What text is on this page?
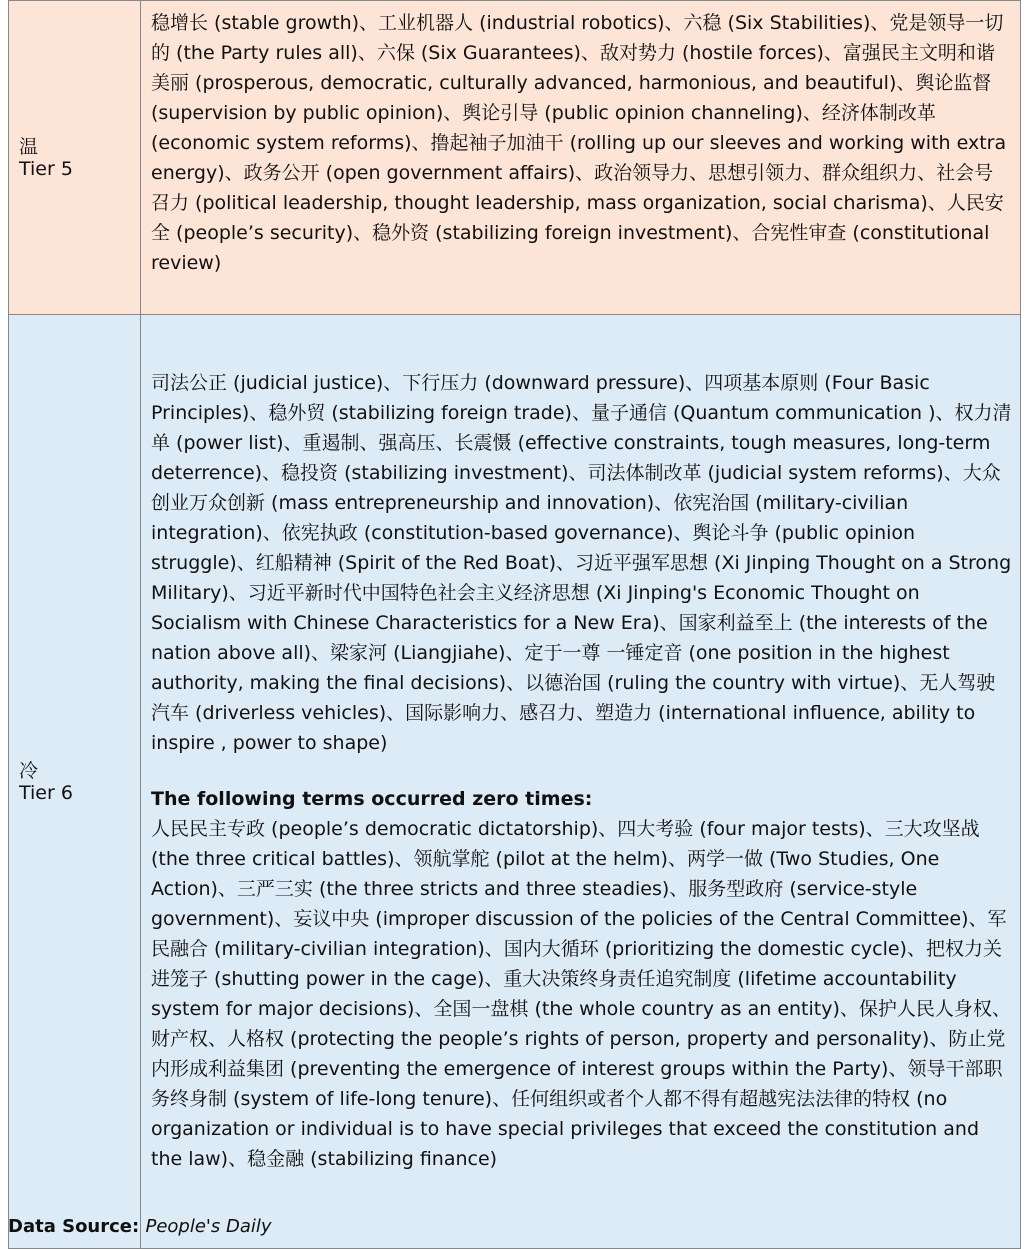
温
Tier 5	稳增长 (stable growth)、工业机器人 (industrial robotics)、六稳 (Six Stabilities)、党是领导一切的 (the Party rules all)、六保 (Six Guarantees)、敌对势力 (hostile forces)、富强民主文明和谐美丽 (prosperous, democratic, culturally advanced, harmonious, and beautiful)、舆论监督 (supervision by public opinion)、舆论引导 (public opinion channeling)、经济体制改革 (economic system reforms)、撸起袖子加油干 (rolling up our sleeves and working with extra energy)、政务公开 (open government affairs)、政治领导力、思想引领力、群众组织力、社会号召力 (political leadership, thought leadership, mass organization, social charisma)、人民安全 (people’s security)、稳外资 (stabilizing foreign investment)、合宪性审查 (constitutional review)

冷
Tier 6	司法公正 (judicial justice)、下行压力 (downward pressure)、四项基本原则 (Four Basic Principles)、稳外贸 (stabilizing foreign trade)、量子通信 (Quantum communication )、权力清单 (power list)、重遏制、强高压、长震慑 (effective constraints, tough measures, long-term deterrence)、稳投资 (stabilizing investment)、司法体制改革 (judicial system reforms)、大众创业万众创新 (mass entrepreneurship and innovation)、依宪治国 (military-civilian integration)、依宪执政 (constitution-based governance)、舆论斗争 (public opinion struggle)、红船精神 (Spirit of the Red Boat)、习近平强军思想 (Xi Jinping Thought on a Strong Military)、习近平新时代中国特色社会主义经济思想 (Xi Jinping's Economic Thought on Socialism with Chinese Characteristics for a New Era)、国家利益至上 (the interests of the nation above all)、梁家河 (Liangjiahe)、定于一尊 一锤定音 (one position in the highest authority, making the final decisions)、以德治国 (ruling the country with virtue)、无人驾驶汽车 (driverless vehicles)、国际影响力、感召力、塑造力 (international influence, ability to inspire , power to shape)
The following terms occurred zero times:
人民民主专政 (people’s democratic dictatorship)、四大考验 (four major tests)、三大攻坚战 (the three critical battles)、领航掌舵 (pilot at the helm)、两学一做 (Two Studies, One Action)、三严三实 (the three stricts and three steadies)、服务型政府 (service-style government)、妄议中央 (improper discussion of the policies of the Central Committee)、军民融合 (military-civilian integration)、国内大循环 (prioritizing the domestic cycle)、把权力关进笼子 (shutting power in the cage)、重大决策终身责任追究制度 (lifetime accountability system for major decisions)、全国一盘棋 (the whole country as an entity)、保护人民人身权、财产权、人格权 (protecting the people’s rights of person, property and personality)、防止党内形成利益集团 (preventing the emergence of interest groups within the Party)、领导干部职务终身制 (system of life-long tenure)、任何组织或者个人都不得有超越宪法法律的特权 (no organization or individual is to have special privileges that exceed the constitution and the law)、稳金融 (stabilizing finance)
Data Source: People's Daily
